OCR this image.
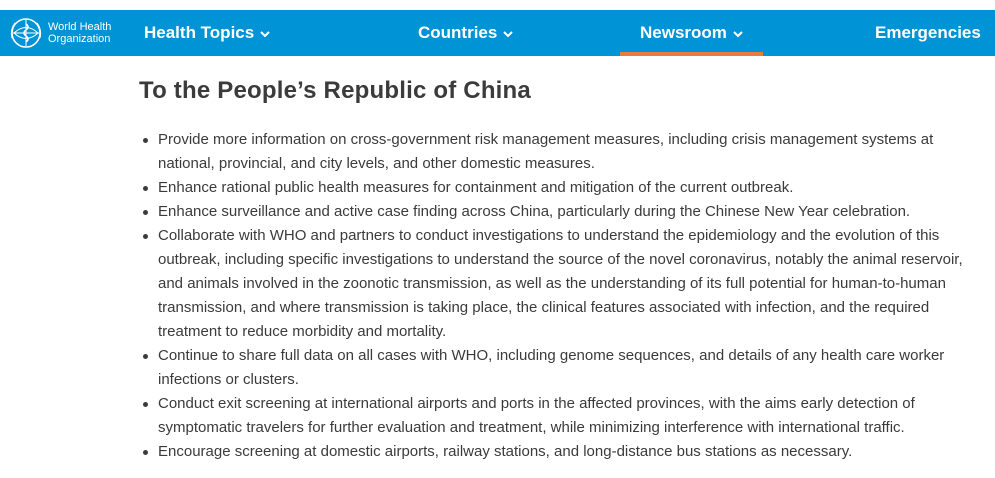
World Health
Organization Health Topics	Countries	Newsroom	Emergencies
To the People’s Republic of China
Provide more information on cross-government risk management measures, including crisis management systems at national, provincial, and city levels, and other domestic measures.
Enhance rational public health measures for containment and mitigation of the current outbreak.
Enhance surveillance and active case finding across China, particularly during the Chinese New Year celebration.
Collaborate with WHO and partners to conduct investigations to understand the epidemiology and the evolution of this outbreak, including specific investigations to understand the source of the novel coronavirus, notably the animal reservoir, and animals involved in the zoonotic transmission, as well as the understanding of its full potential for human-to-human transmission, and where transmission is taking place, the clinical features associated with infection, and the required treatment to reduce morbidity and mortality.
Continue to share full data on all cases with WHO, including genome sequences, and details of any health care worker infections or clusters.
Conduct exit screening at international airports and ports in the affected provinces, with the aims early detection of symptomatic travelers for further evaluation and treatment, while minimizing interference with international traffic.
Encourage screening at domestic airports, railway stations, and long-distance bus stations as necessary.
